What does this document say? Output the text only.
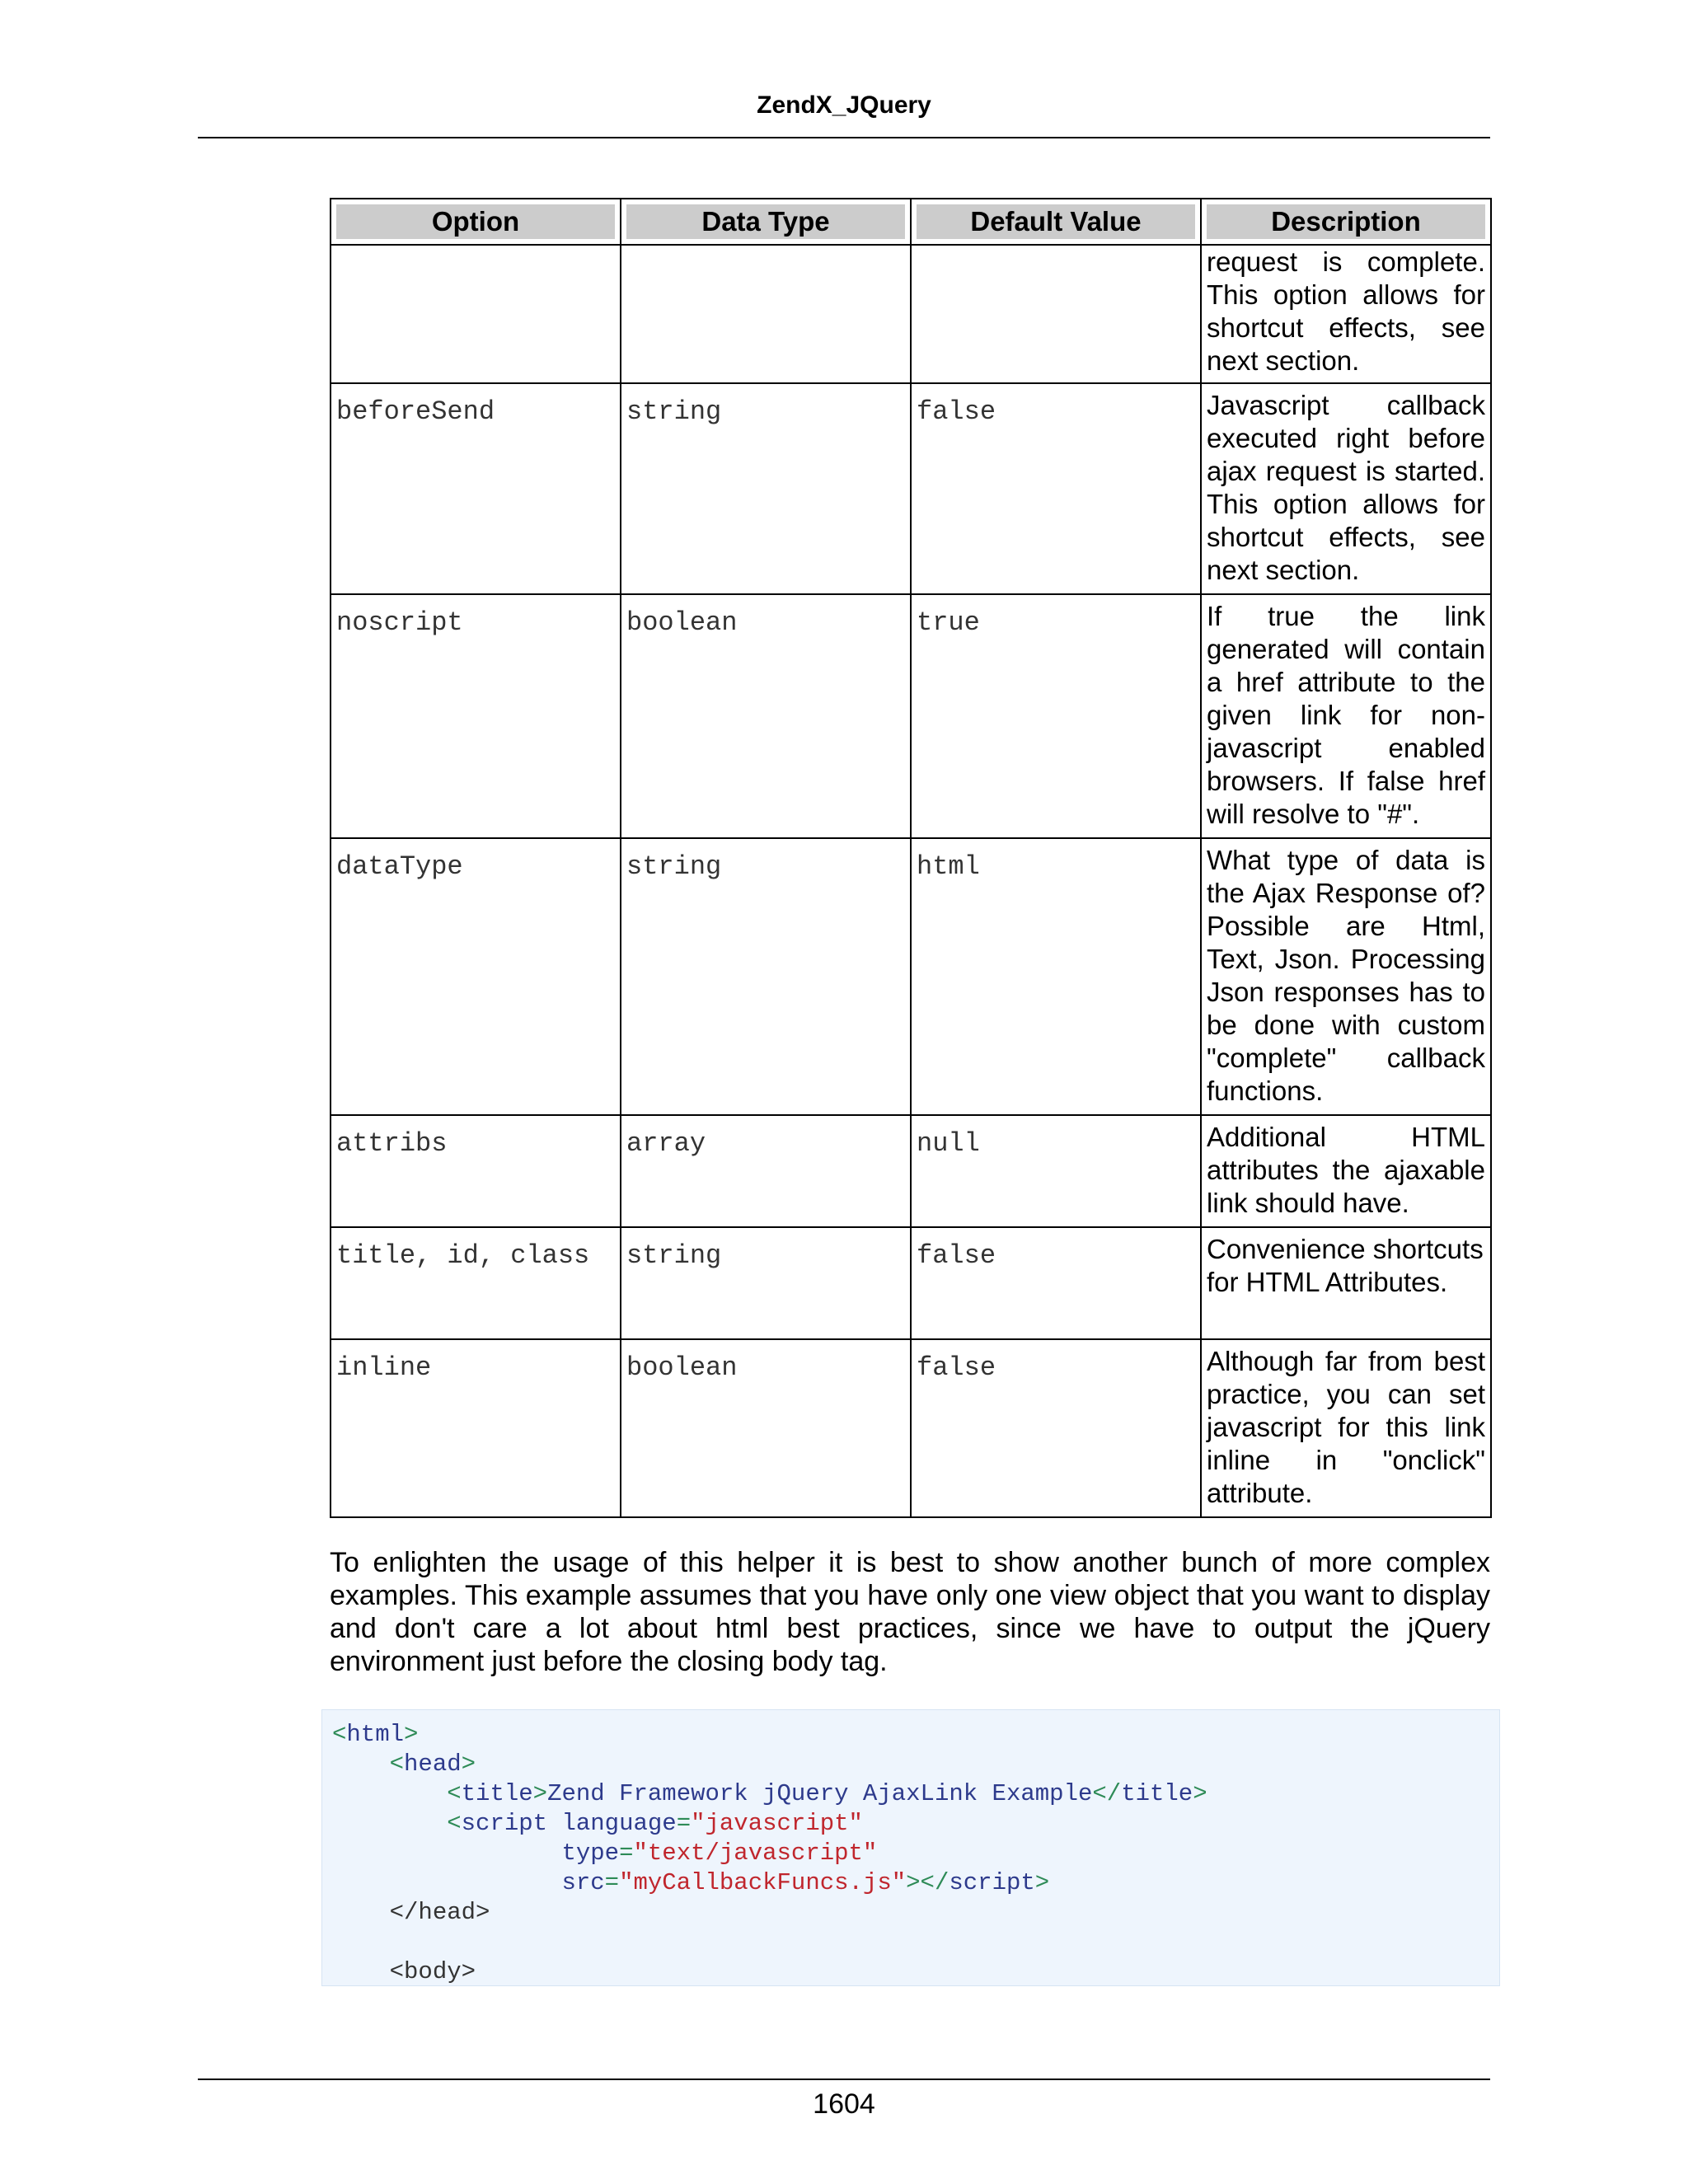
ZendX_JQuery
Option	Data Type	Default Value	Description

			request is complete. This option allows for shortcut effects, see next section.
beforeSend	string	false	Javascript callback executed right before ajax request is started. This option allows for shortcut effects, see next section.
noscript	boolean	true	If true the link generated will contain a href attribute to the given link for non-javascript enabled browsers. If false href will resolve to "#".
dataType	string	html	What type of data is the Ajax Response of? Possible are Html, Text, Json. Processing Json responses has to be done with custom "complete" callback functions.
attribs	array	null	Additional HTML attributes the ajaxable link should have.
title, id, class	string	false	Convenience shortcuts for HTML Attributes.
inline	boolean	false	Although far from best practice, you can set javascript for this link inline in "onclick" attribute.
To enlighten the usage of this helper it is best to show another bunch of more complex examples. This example assumes that you have only one view object that you want to display and don't care a lot about html best practices, since we have to output the jQuery environment just before the closing body tag.
<html>
<head>
<title>Zend Framework jQuery AjaxLink Example</title>
<script language="javascript"
type="text/javascript"
src="myCallbackFuncs.js"></script>
</head>

<body>

1604
